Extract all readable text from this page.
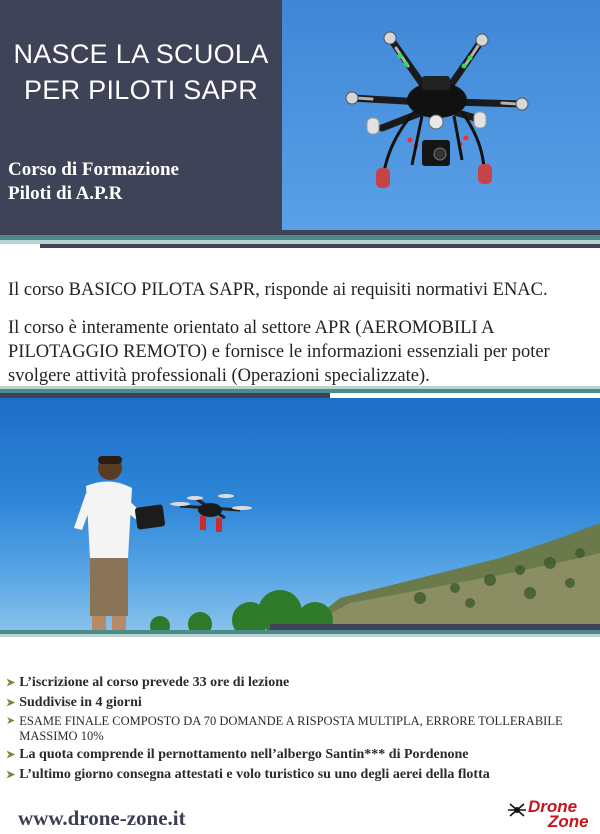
NASCE LA SCUOLA
PER PILOTI SAPR
Corso di Formazione
Piloti di A.P.R

Il corso BASICO PILOTA SAPR, risponde ai requisiti normativi ENAC.

Il corso è interamente orientato al settore APR (AEROMOBILI A PILOTAGGIO REMOTO) e fornisce le informazioni essenziali per poter svolgere attività professionali (Operazioni specializzate).

➤ L’iscrizione al corso prevede 33 ore di lezione
➤ Suddivise in 4 giorni
➤ ESAME FINALE COMPOSTO DA 70 DOMANDE A RISPOSTA MULTIPLA, ERRORE TOLLERABILE MASSIMO 10%
➤ La quota comprende il pernottamento nell’albergo Santin*** di Pordenone
➤ L’ultimo giorno consegna attestati e volo turistico su uno degli aerei della flotta
www.drone-zone.it	Drone
Zone
